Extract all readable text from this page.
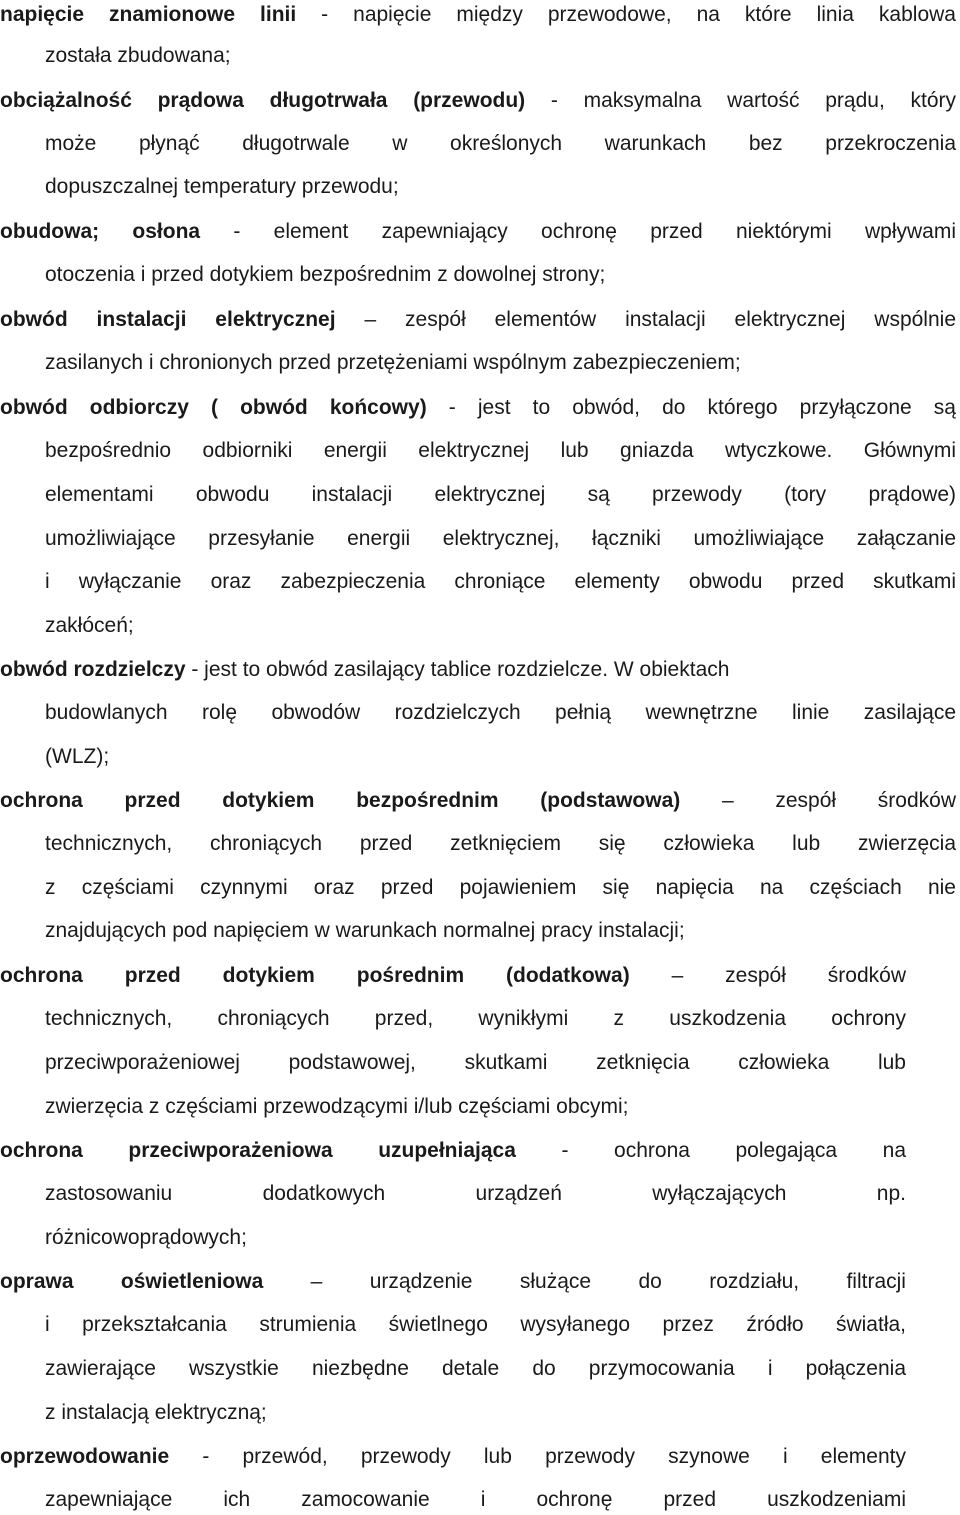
napięcie znamionowe linii - napięcie między przewodowe, na które linia kablowa
została zbudowana;
obciążalność prądowa długotrwała (przewodu) - maksymalna wartość prądu, który
może płynąć długotrwale w określonych warunkach bez przekroczenia
dopuszczalnej temperatury przewodu;
obudowa; osłona - element zapewniający ochronę przed niektórymi wpływami
otoczenia i przed dotykiem bezpośrednim z dowolnej strony;
obwód instalacji elektrycznej – zespół elementów instalacji elektrycznej wspólnie
zasilanych i chronionych przed przetężeniami wspólnym zabezpieczeniem;
obwód odbiorczy ( obwód końcowy) - jest to obwód, do którego przyłączone są
bezpośrednio odbiorniki energii elektrycznej lub gniazda wtyczkowe. Głównymi
elementami obwodu instalacji elektrycznej są przewody (tory prądowe)
umożliwiające przesyłanie energii elektrycznej, łączniki umożliwiające załączanie
i wyłączanie oraz zabezpieczenia chroniące elementy obwodu przed skutkami
zakłóceń;
obwód rozdzielczy - jest to obwód zasilający tablice rozdzielcze. W obiektach
budowlanych rolę obwodów rozdzielczych pełnią wewnętrzne linie zasilające
(WLZ);
ochrona przed dotykiem bezpośrednim (podstawowa) – zespół środków
technicznych, chroniących przed zetknięciem się człowieka lub zwierzęcia
z częściami czynnymi oraz przed pojawieniem się napięcia na częściach nie
znajdujących pod napięciem w warunkach normalnej pracy instalacji;
ochrona przed dotykiem pośrednim (dodatkowa) – zespół środków
technicznych, chroniących przed, wynikłymi z uszkodzenia ochrony
przeciwporażeniowej podstawowej, skutkami zetknięcia człowieka lub
zwierzęcia z częściami przewodzącymi i/lub częściami obcymi;
ochrona przeciwporażeniowa uzupełniająca - ochrona polegająca na
zastosowaniu dodatkowych urządzeń wyłączających np.
różnicowoprądowych;
oprawa oświetleniowa – urządzenie służące do rozdziału, filtracji
i przekształcania strumienia świetlnego wysyłanego przez źródło światła,
zawierające wszystkie niezbędne detale do przymocowania i połączenia
z instalacją elektryczną;
oprzewodowanie - przewód, przewody lub przewody szynowe i elementy
zapewniające ich zamocowanie i ochronę przed uszkodzeniami
